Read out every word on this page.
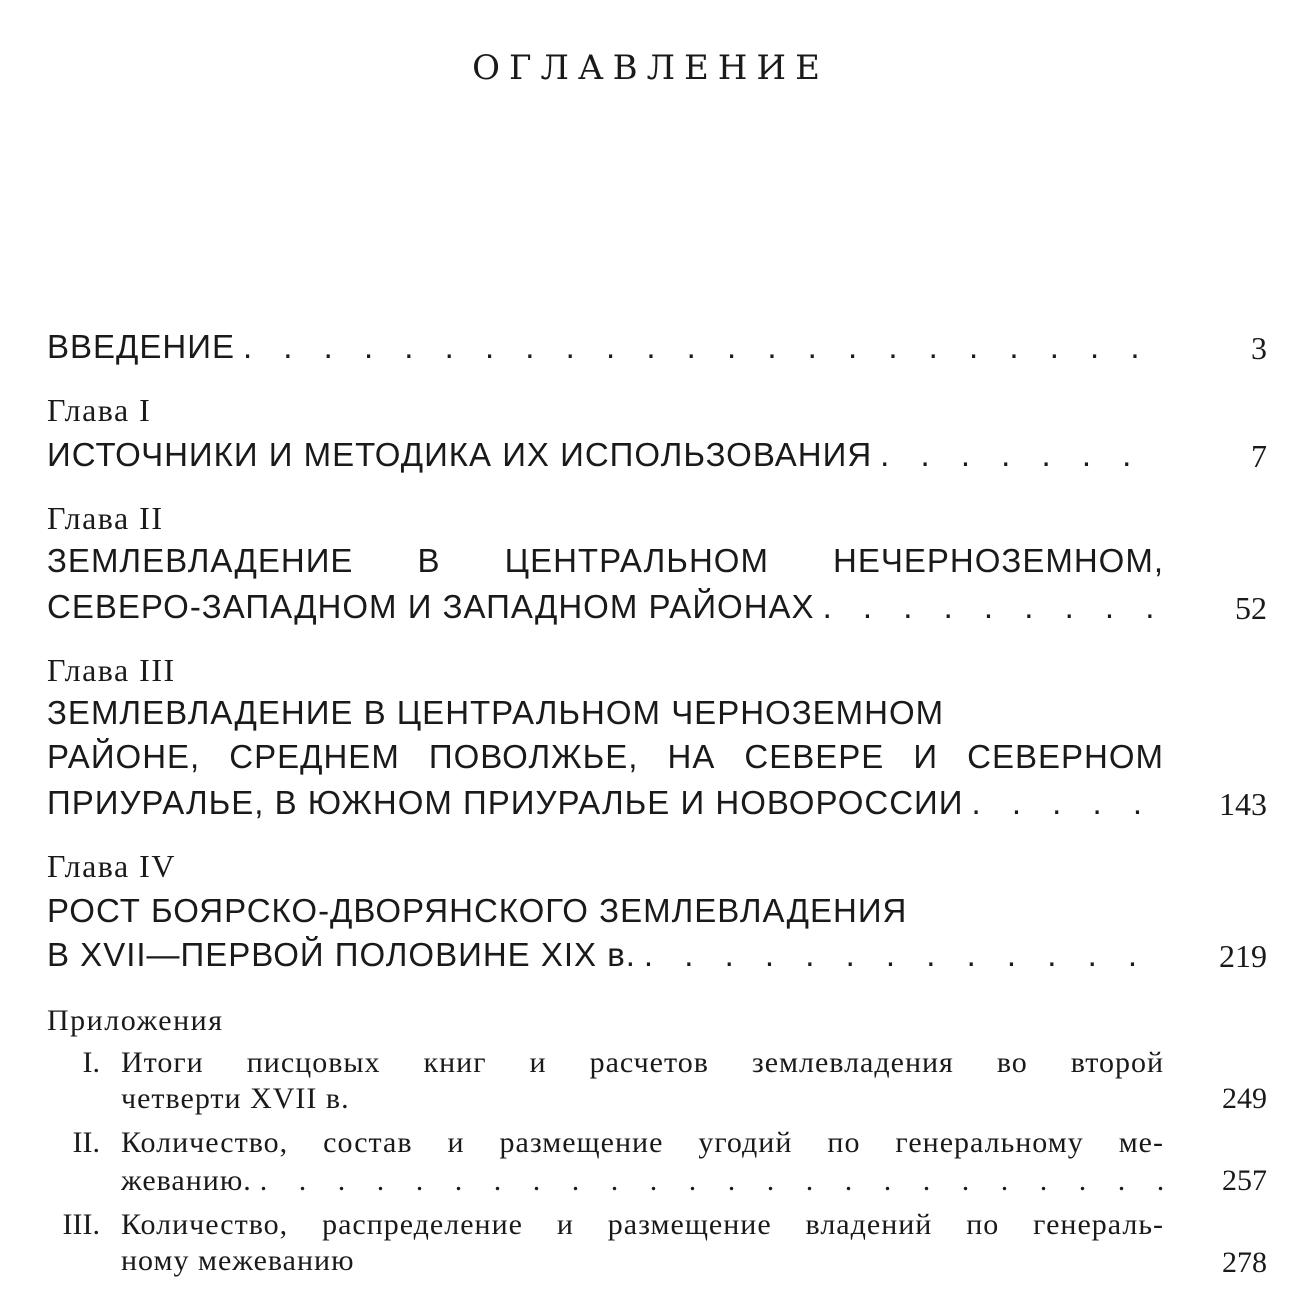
ОГЛАВЛЕНИЕ
ВВЕДЕНИЕ . . .	3
Глава I
ИСТОЧНИКИ И МЕТОДИКА ИХ ИСПОЛЬЗОВАНИЯ . . .	7
Глава II
ЗЕМЛЕВЛАДЕНИЕ В ЦЕНТРАЛЬНОМ НЕЧЕРНОЗЕМНОМ,
СЕВЕРО-ЗАПАДНОМ И ЗАПАДНОМ РАЙОНАХ . . .	52
Глава III
ЗЕМЛЕВЛАДЕНИЕ В ЦЕНТРАЛЬНОМ ЧЕРНОЗЕМНОМ
РАЙОНЕ, СРЕДНЕМ ПОВОЛЖЬЕ, НА СЕВЕРЕ И СЕВЕРНОМ
ПРИУРАЛЬЕ, В ЮЖНОМ ПРИУРАЛЬЕ И НОВОРОССИИ . . .	143
Глава IV
РОСТ БОЯРСКО-ДВОРЯНСКОГО ЗЕМЛЕВЛАДЕНИЯ
В XVII—ПЕРВОЙ ПОЛОВИНЕ XIX в. . . .	219
Приложения
I. Итоги писцовых книг и расчетов землевладения во второй
четверти XVII в.	249
II. Количество, состав и размещение угодий по генеральному ме-
жеванию. . . .	257
III. Количество, распределение и размещение владений по генераль-
ному межеванию	278
